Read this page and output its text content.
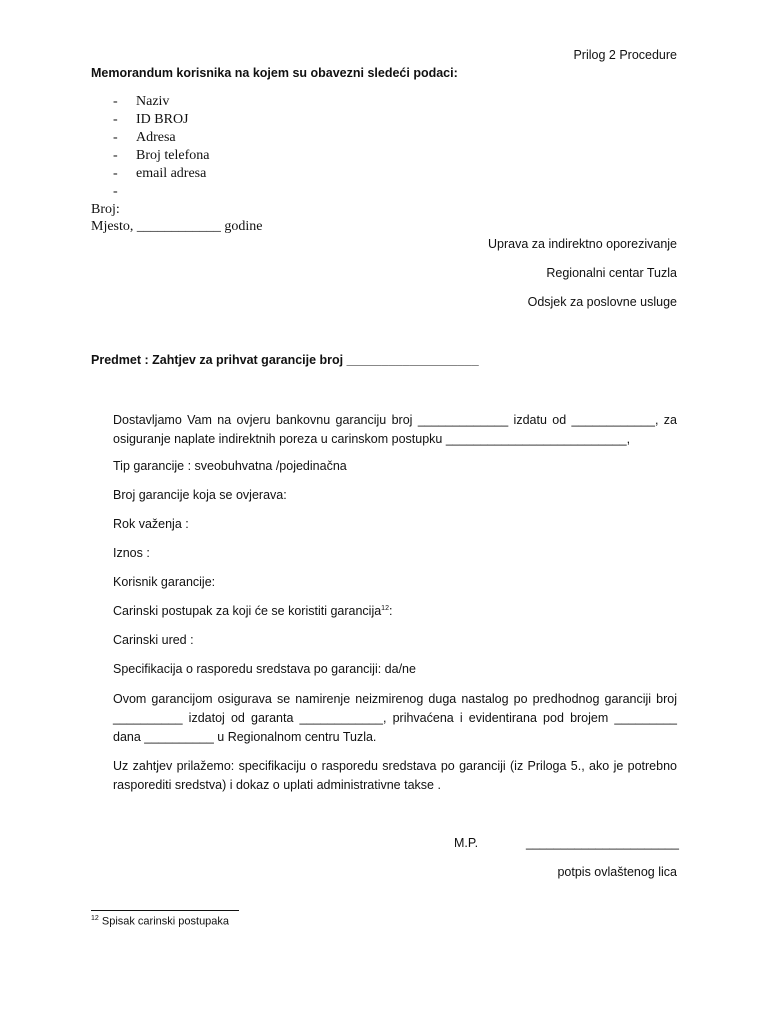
Prilog 2 Procedure
Memorandum korisnika na kojem su obavezni sledeći podaci:
- Naziv
- ID BROJ
- Adresa
- Broj telefona
- email adresa
-
Broj:
Mjesto, ____________ godine
Uprava za indirektno oporezivanje
Regionalni centar Tuzla
Odsjek za poslovne usluge
Predmet : Zahtjev za prihvat garancije broj ___________________
Dostavljamo Vam na ovjeru bankovnu garanciju broj _____________ izdatu od ____________, za osiguranje naplate indirektnih poreza u carinskom postupku __________________________,
Tip garancije : sveobuhvatna /pojedinačna
Broj garancije koja se ovjerava:
Rok važenja :
Iznos :
Korisnik garancije:
Carinski postupak za koji će se koristiti garancija$^{12}$:
Carinski ured :
Specifikacija o rasporedu sredstava po garanciji: da/ne
Ovom garancijom osigurava se namirenje neizmirenog duga nastalog po predhodnog garanciji broj __________ izdatoj od garanta ____________, prihvaćena i evidentirana pod brojem _________ dana __________ u Regionalnom centru Tuzla.
Uz zahtjev prilažemo: specifikaciju o rasporedu sredstava po garanciji (iz Priloga 5., ako je potrebno rasporediti sredstva) i dokaz o uplati administrativne takse .
M.P.	______________________
potpis ovlaštenog lica
$^{12}$ Spisak carinski postupaka
